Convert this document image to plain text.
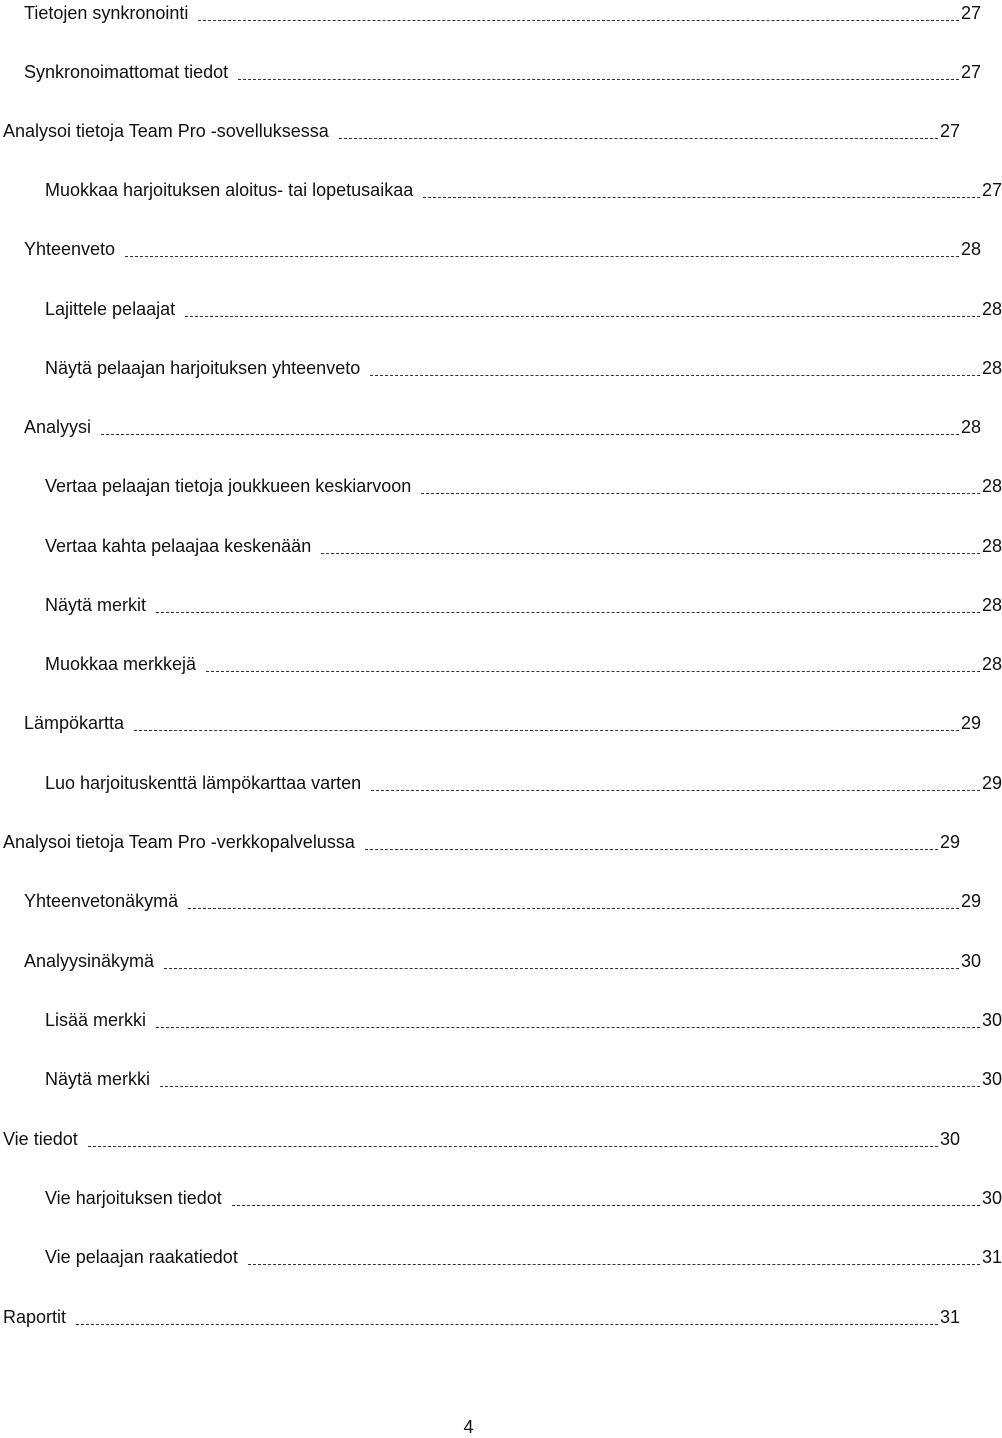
Tietojen synkronointi	27
Synkronoimattomat tiedot	27
Analysoi tietoja Team Pro -sovelluksessa	27
Muokkaa harjoituksen aloitus- tai lopetusaikaa	27
Yhteenveto	28
Lajittele pelaajat	28
Näytä pelaajan harjoituksen yhteenveto	28
Analyysi	28
Vertaa pelaajan tietoja joukkueen keskiarvoon	28
Vertaa kahta pelaajaa keskenään	28
Näytä merkit	28
Muokkaa merkkejä	28
Lämpökartta	29
Luo harjoituskenttä lämpökarttaa varten	29
Analysoi tietoja Team Pro -verkkopalvelussa	29
Yhteenvetonäkymä	29
Analyysinäkymä	30
Lisää merkki	30
Näytä merkki	30
Vie tiedot	30
Vie harjoituksen tiedot	30
Vie pelaajan raakatiedot	31
Raportit	31
4
